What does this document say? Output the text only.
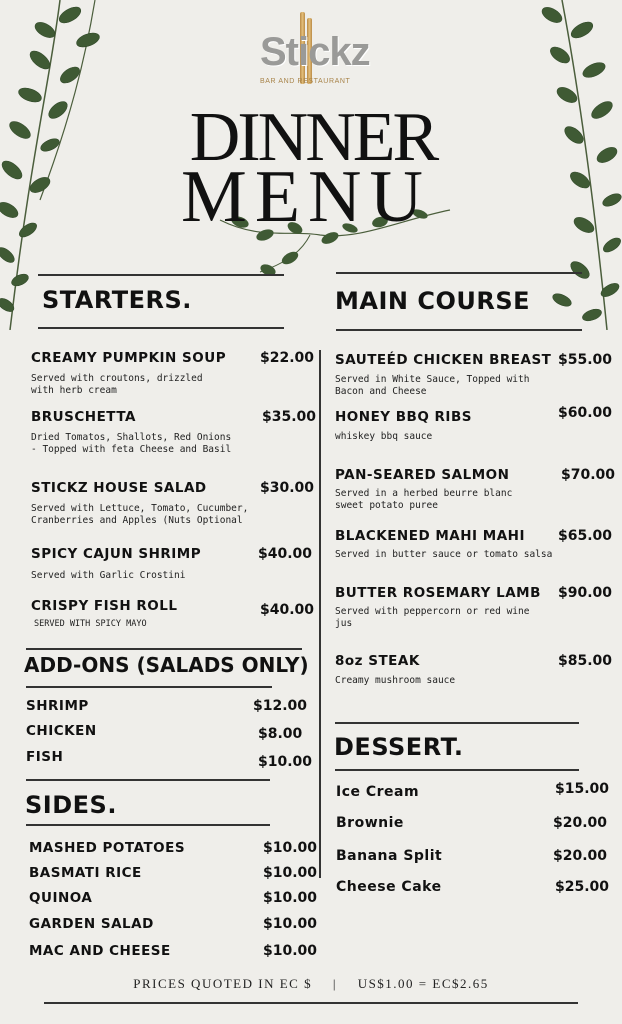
Stickz
BAR AND RESTAURANT
DINNER
MENU
STARTERS.
CREAMY PUMPKIN SOUP $22.00
Served with croutons, drizzled with herb cream
BRUSCHETTA	$35.00
Dried Tomatos, Shallots, Red Onions - Topped with feta Cheese and Basil
STICKZ HOUSE SALAD	$30.00
Served with Lettuce, Tomato, Cucumber, Cranberries and Apples (Nuts Optional
SPICY CAJUN SHRIMP	$40.00
Served with Garlic Crostini
CRISPY FISH ROLL	$40.00
SERVED WITH SPICY MAYO
ADD-ONS (SALADS ONLY)
SHRIMP	$12.00
CHICKEN	$8.00
FISH	$10.00
SIDES.
MASHED POTATOES	$10.00
BASMATI RICE	$10.00
QUINOA	$10.00
GARDEN SALAD	$10.00
MAC AND CHEESE	$10.00
MAIN COURSE
SAUTEÉD CHICKEN BREAST $55.00
Served in White Sauce, Topped with Bacon and Cheese
HONEY BBQ RIBS	$60.00
whiskey bbq sauce
PAN-SEARED SALMON	$70.00
Served in a herbed beurre blanc sweet potato puree
BLACKENED MAHI MAHI $65.00
Served in butter sauce or tomato salsa
BUTTER ROSEMARY LAMB $90.00
Served with peppercorn or red wine jus
8oz STEAK	$85.00
Creamy mushroom sauce
DESSERT.
Ice Cream	$15.00
Brownie	$20.00
Banana Split	$20.00
Cheese Cake	$25.00
PRICES QUOTED IN EC $ | US$1.00 = EC$2.65
